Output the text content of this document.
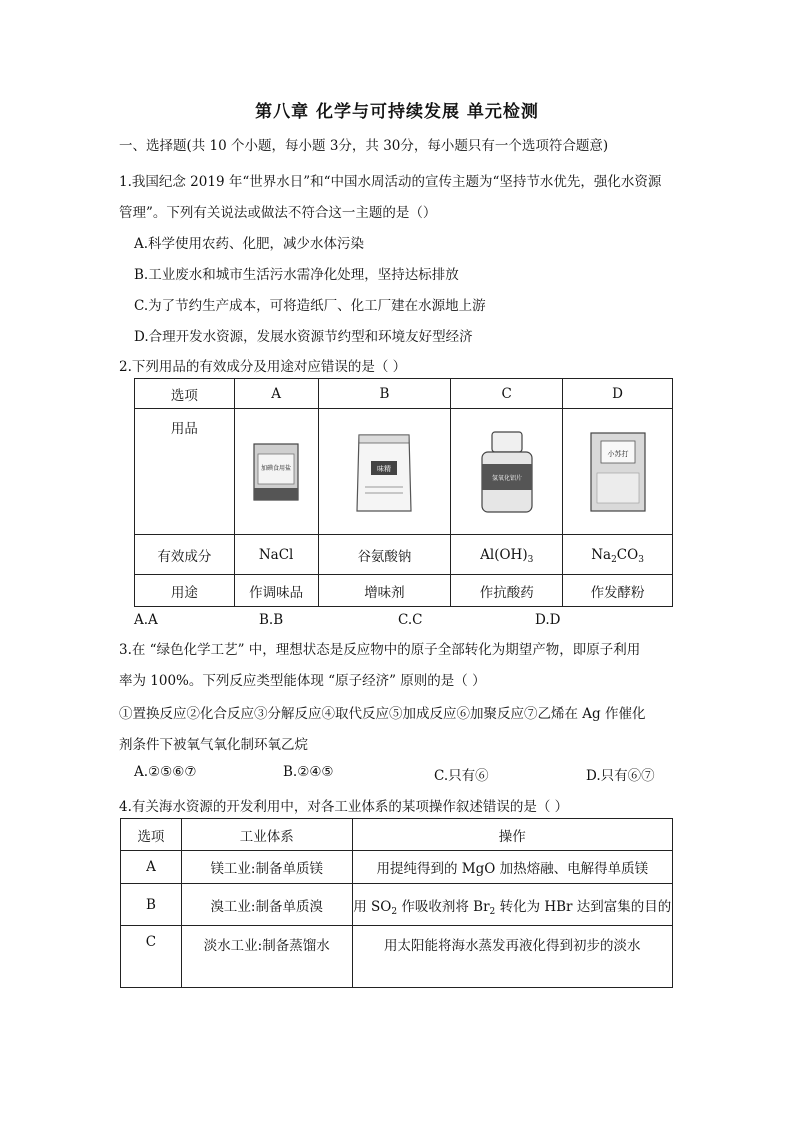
第八章 化学与可持续发展 单元检测
一、选择题(共 10 个小题，每小题 3分，共 30分，每小题只有一个选项符合题意)
1.我国纪念 2019 年“世界水日”和“中国水周活动的宣传主题为“坚持节水优先，强化水资源
管理”。下列有关说法或做法不符合这一主题的是（）
A.科学使用农药、化肥，减少水体污染
B.工业废水和城市生活污水需净化处理，坚持达标排放
C.为了节约生产成本，可将造纸厂、化工厂建在水源地上游
D.合理开发水资源，发展水资源节约型和环境友好型经济
2.下列用品的有效成分及用途对应错误的是（ ）
选项	A	B	C	D
用品	加碘食用盐	味精	氢氧化铝片	小苏打

有效成分	NaCl	谷氨酸钠	$Al(OH)_3$	$Na_2CO_3$
用途	作调味品	增味剂	作抗酸药	作发酵粉
A.A	B.B	C.C	D.D
3.在 “绿色化学工艺” 中，理想状态是反应物中的原子全部转化为期望产物，即原子利用
率为 100%。下列反应类型能体现 “原子经济” 原则的是（ ）
①置换反应②化合反应③分解反应④取代反应⑤加成反应⑥加聚反应⑦乙烯在 Ag 作催化
剂条件下被氧气氧化制环氧乙烷
A.②⑤⑥⑦	B.②④⑤	C.只有⑥	D.只有⑥⑦
4.有关海水资源的开发利用中，对各工业体系的某项操作叙述错误的是（ ）
选项	工业体系	操作
A	镁工业:制备单质镁	用提纯得到的 MgO 加热熔融、电解得单质镁
B	溴工业:制备单质溴	用 $SO_2$ 作吸收剂将 $Br_2$ 转化为 HBr 达到富集的目的
C	淡水工业:制备蒸馏水	用太阳能将海水蒸发再液化得到初步的淡水
